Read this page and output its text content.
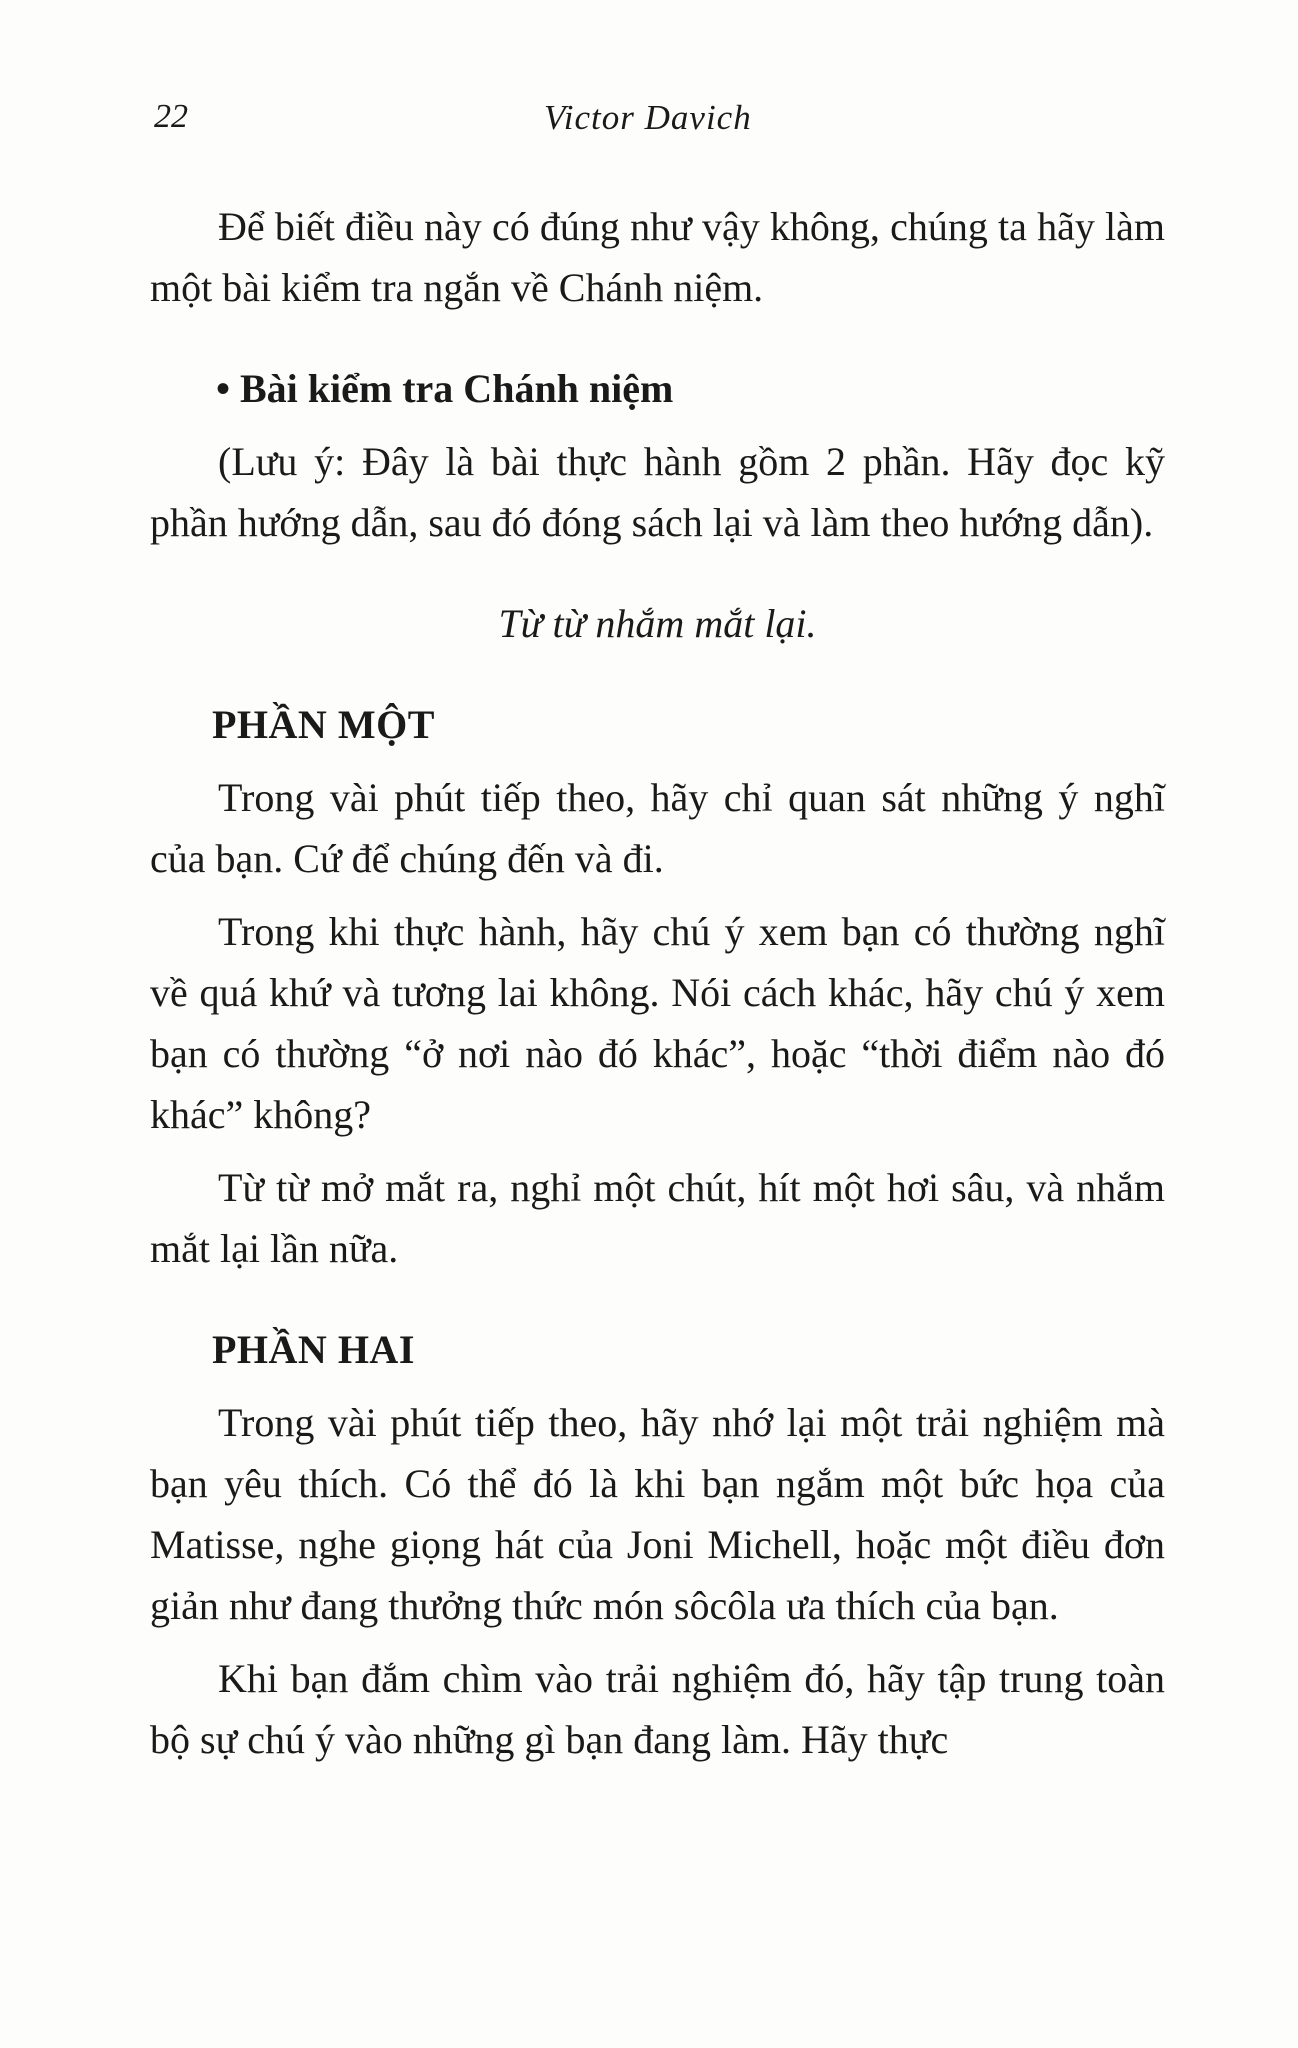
22	Victor Davich

Để biết điều này có đúng như vậy không, chúng ta hãy làm một bài kiểm tra ngắn về Chánh niệm.

• Bài kiểm tra Chánh niệm

(Lưu ý: Đây là bài thực hành gồm 2 phần. Hãy đọc kỹ phần hướng dẫn, sau đó đóng sách lại và làm theo hướng dẫn).

Từ từ nhắm mắt lại.

PHẦN MỘT

Trong vài phút tiếp theo, hãy chỉ quan sát những ý nghĩ của bạn. Cứ để chúng đến và đi.

Trong khi thực hành, hãy chú ý xem bạn có thường nghĩ về quá khứ và tương lai không. Nói cách khác, hãy chú ý xem bạn có thường “ở nơi nào đó khác”, hoặc “thời điểm nào đó khác” không?

Từ từ mở mắt ra, nghỉ một chút, hít một hơi sâu, và nhắm mắt lại lần nữa.

PHẦN HAI

Trong vài phút tiếp theo, hãy nhớ lại một trải nghiệm mà bạn yêu thích. Có thể đó là khi bạn ngắm một bức họa của Matisse, nghe giọng hát của Joni Michell, hoặc một điều đơn giản như đang thưởng thức món sôcôla ưa thích của bạn.

Khi bạn đắm chìm vào trải nghiệm đó, hãy tập trung toàn bộ sự chú ý vào những gì bạn đang làm. Hãy thực
